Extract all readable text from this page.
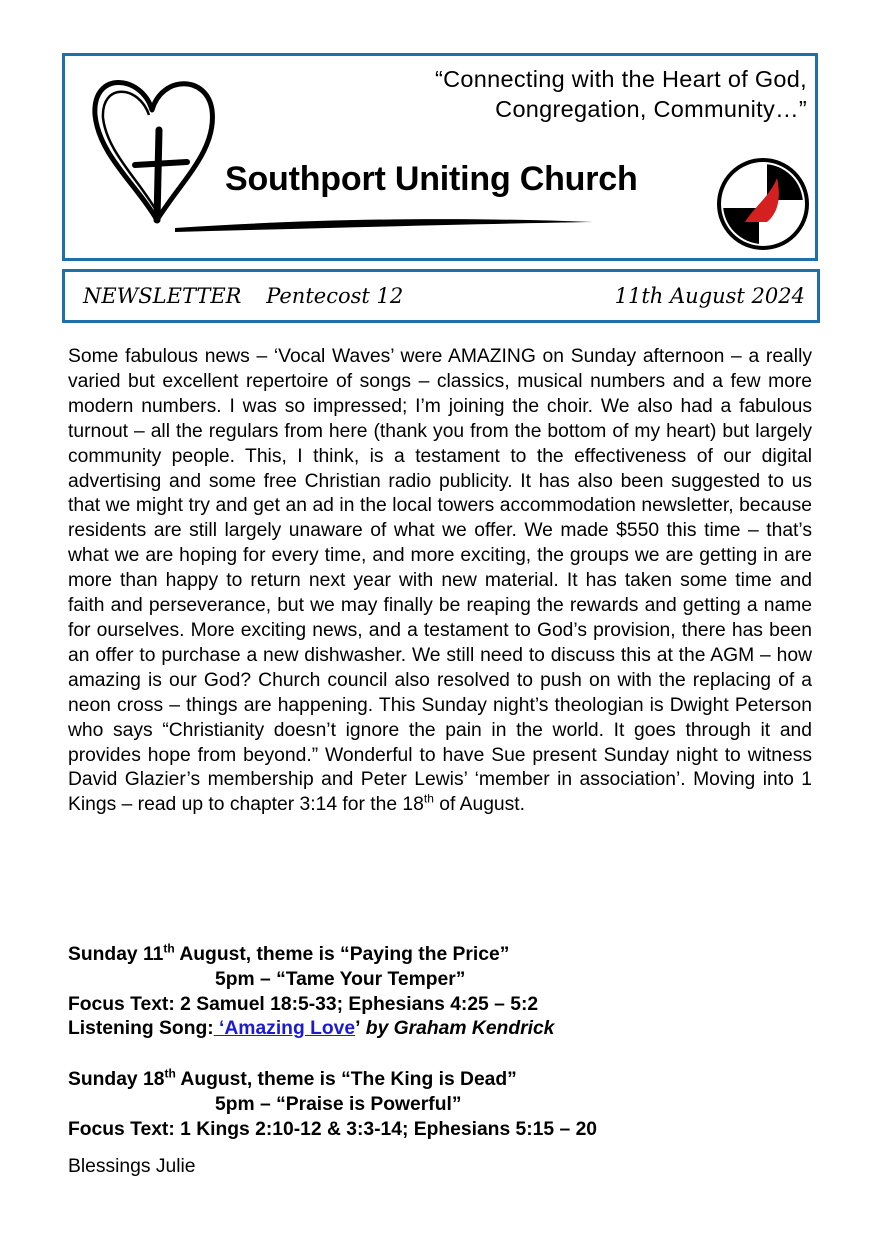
“Connecting with the Heart of God,
Congregation, Community…”
Southport Uniting Church
NEWSLETTER Pentecost 12	11th August 2024
Some fabulous news – ‘Vocal Waves’ were AMAZING on Sunday afternoon – a really varied but excellent repertoire of songs – classics, musical numbers and a few more modern numbers. I was so impressed; I’m joining the choir. We also had a fabulous turnout – all the regulars from here (thank you from the bottom of my heart) but largely community people. This, I think, is a testament to the effectiveness of our digital advertising and some free Christian radio publicity. It has also been suggested to us that we might try and get an ad in the local towers accommodation newsletter, because residents are still largely unaware of what we offer. We made $550 this time – that’s what we are hoping for every time, and more exciting, the groups we are getting in are more than happy to return next year with new material. It has taken some time and faith and perseverance, but we may finally be reaping the rewards and getting a name for ourselves. More exciting news, and a testament to God’s provision, there has been an offer to purchase a new dishwasher. We still need to discuss this at the AGM – how amazing is our God? Church council also resolved to push on with the replacing of a neon cross – things are happening. This Sunday night’s theologian is Dwight Peterson who says “Christianity doesn’t ignore the pain in the world. It goes through it and provides hope from beyond.” Wonderful to have Sue present Sunday night to witness David Glazier’s membership and Peter Lewis’ ‘member in association’. Moving into 1 Kings – read up to chapter 3:14 for the 18th of August.
Sunday 11th August, theme is “Paying the Price”
5pm – “Tame Your Temper”
Focus Text: 2 Samuel 18:5-33; Ephesians 4:25 – 5:2
Listening Song: ‘Amazing Love’ by Graham Kendrick
Sunday 18th August, theme is “The King is Dead”
5pm – “Praise is Powerful”
Focus Text: 1 Kings 2:10-12 & 3:3-14; Ephesians 5:15 – 20
Blessings Julie
